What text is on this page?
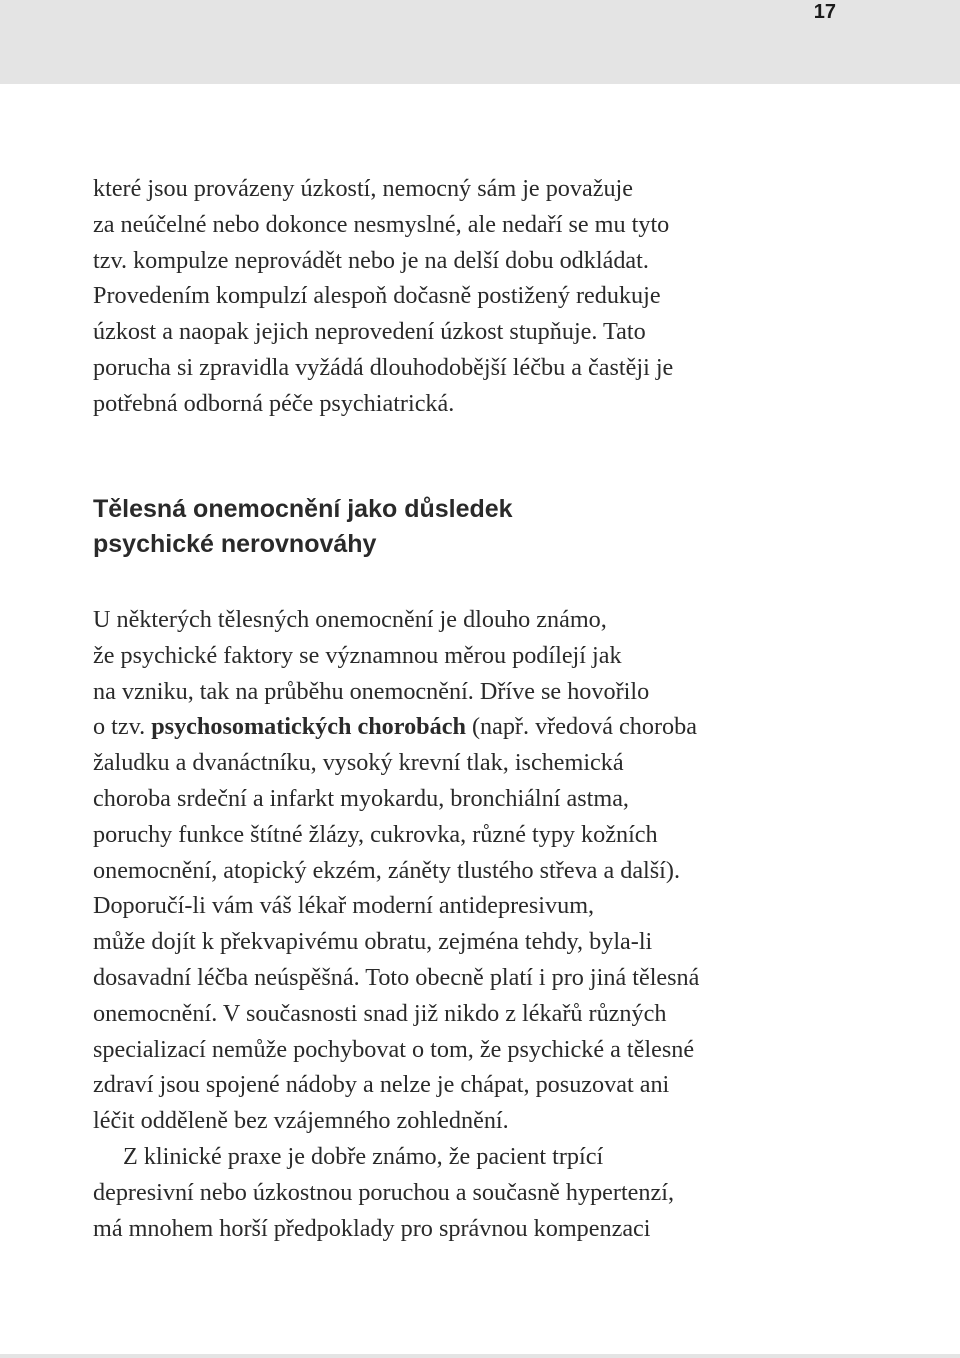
17
které jsou provázeny úzkostí, nemocný sám je považuje
za neúčelné nebo dokonce nesmyslné, ale nedaří se mu tyto
tzv. kompulze neprovádět nebo je na delší dobu odkládat.
Provedením kompulzí alespoň dočasně postižený redukuje
úzkost a naopak jejich neprovedení úzkost stupňuje. Tato
porucha si zpravidla vyžádá dlouhodobější léčbu a častěji je
potřebná odborná péče psychiatrická.
Tělesná onemocnění jako důsledek
psychické nerovnováhy
U některých tělesných onemocnění je dlouho známo,
že psychické faktory se významnou měrou podílejí jak
na vzniku, tak na průběhu onemocnění. Dříve se hovořilo
o tzv. psychosomatických chorobách (např. vředová choroba
žaludku a dvanáctníku, vysoký krevní tlak, ischemická
choroba srdeční a infarkt myokardu, bronchiální astma,
poruchy funkce štítné žlázy, cukrovka, různé typy kožních
onemocnění, atopický ekzém, záněty tlustého střeva a další).
Doporučí-li vám váš lékař moderní antidepresivum,
může dojít k překvapivému obratu, zejména tehdy, byla-li
dosavadní léčba neúspěšná. Toto obecně platí i pro jiná tělesná
onemocnění. V současnosti snad již nikdo z lékařů různých
specializací nemůže pochybovat o tom, že psychické a tělesné
zdraví jsou spojené nádoby a nelze je chápat, posuzovat ani
léčit odděleně bez vzájemného zohlednění.
Z klinické praxe je dobře známo, že pacient trpící
depresivní nebo úzkostnou poruchou a současně hypertenzí,
má mnohem horší předpoklady pro správnou kompenzaci
